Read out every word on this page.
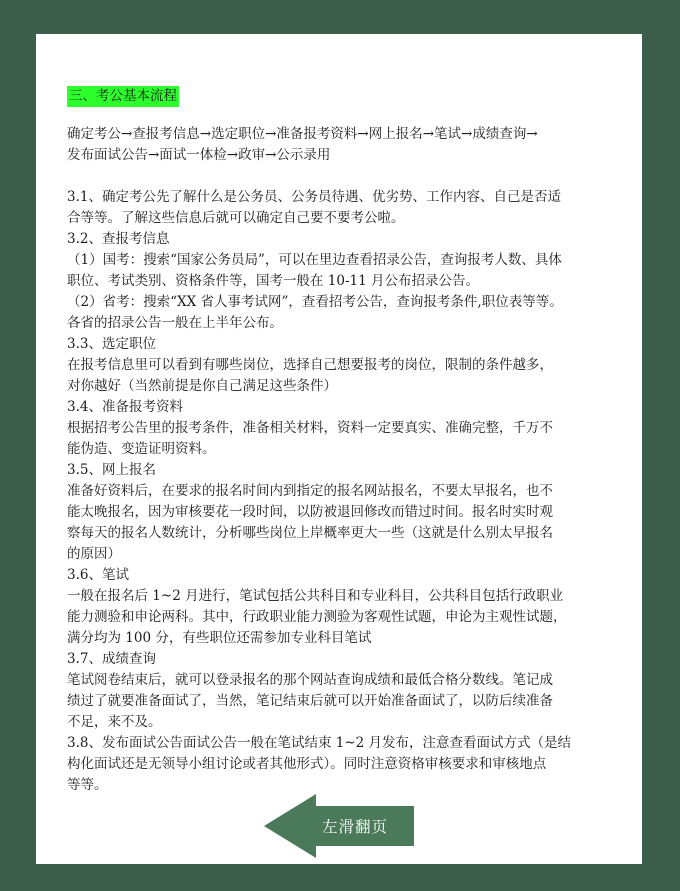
三、考公基本流程

确定考公→查报考信息→选定职位→准备报考资料→网上报名→笔试→成绩查询→

发布面试公告→面试一体检→政审→公示录用

3.1、确定考公先了解什么是公务员、公务员待遇、优劣势、工作内容、自己是否适

合等等。了解这些信息后就可以确定自己要不要考公啦。

3.2、查报考信息

（1）国考：搜索“国家公务员局”，可以在里边查看招录公告，查询报考人数、具体

职位、考试类别、资格条件等，国考一般在 10-11 月公布招录公告。

（2）省考：搜索“XX 省人事考试网”，查看招考公告，查询报考条件,职位表等等。

各省的招录公告一般在上半年公布。

3.3、选定职位

在报考信息里可以看到有哪些岗位，选择自己想要报考的岗位，限制的条件越多，

对你越好（当然前提是你自己满足这些条件）

3.4、准备报考资料

根据招考公告里的报考条件，准备相关材料，资料一定要真实、准确完整，千万不

能伪造、变造证明资料。

3.5、网上报名

准备好资料后，在要求的报名时间内到指定的报名网站报名，不要太早报名，也不

能太晚报名，因为审核要花一段时间，以防被退回修改而错过时间。报名时实时观

察每天的报名人数统计，分析哪些岗位上岸概率更大一些（这就是什么别太早报名

的原因）

3.6、笔试

一般在报名后 1~2 月进行，笔试包括公共科目和专业科目，公共科目包括行政职业

能力测验和申论两科。其中，行政职业能力测验为客观性试题，申论为主观性试题，

满分均为 100 分，有些职位还需参加专业科目笔试

3.7、成绩查询

笔试阅卷结束后，就可以登录报名的那个网站查询成绩和最低合格分数线。笔记成

绩过了就要准备面试了，当然，笔记结束后就可以开始准备面试了，以防后续准备

不足，来不及。

3.8、发布面试公告面试公告一般在笔试结束 1~2 月发布，注意查看面试方式（是结

构化面试还是无领导小组讨论或者其他形式）。同时注意资格审核要求和审核地点

等等。

左滑翻页
